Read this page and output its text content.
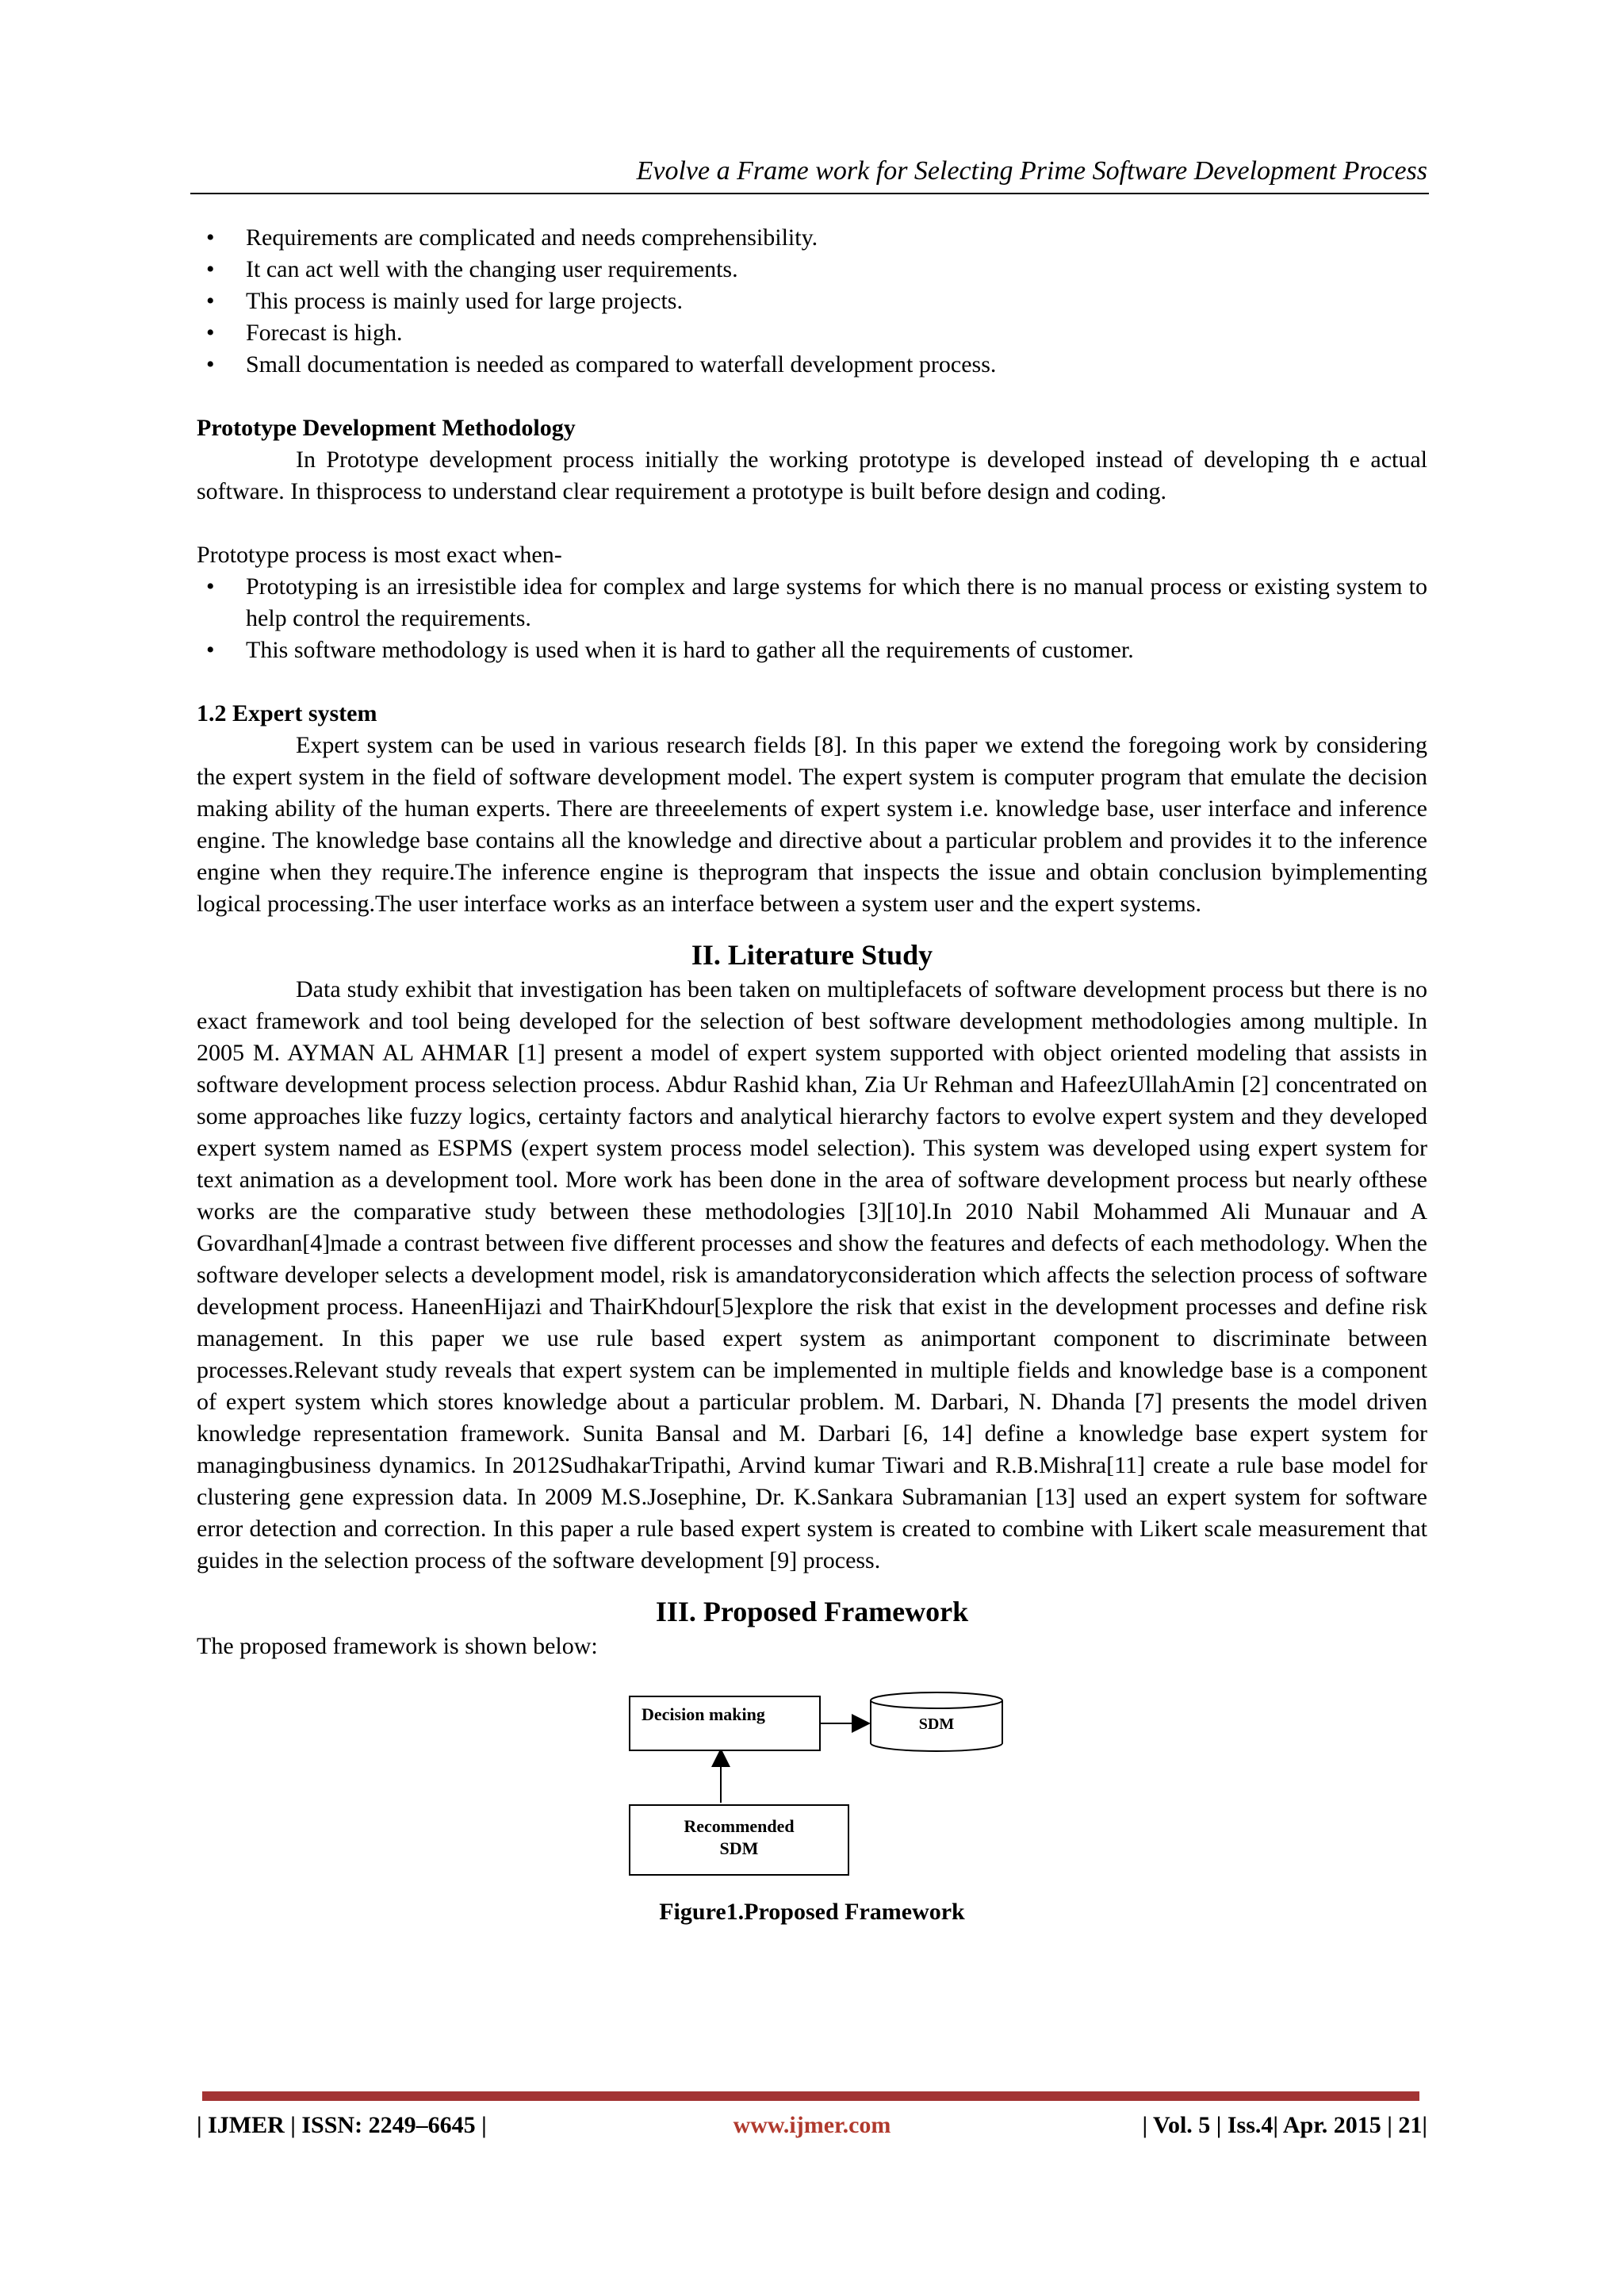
Evolve a Frame work for Selecting Prime Software Development Process
• Requirements are complicated and needs comprehensibility.
• It can act well with the changing user requirements.
• This process is mainly used for large projects.
• Forecast is high.
• Small documentation is needed as compared to waterfall development process.
Prototype Development Methodology
In Prototype development process initially the working prototype is developed instead of developing th e actual software. In thisprocess to understand clear requirement a prototype is built before design and coding.
Prototype process is most exact when-
• Prototyping is an irresistible idea for complex and large systems for which there is no manual process or existing system to help control the requirements.
• This software methodology is used when it is hard to gather all the requirements of customer.
1.2 Expert system
Expert system can be used in various research fields [8]. In this paper we extend the foregoing work by considering the expert system in the field of software development model. The expert system is computer program that emulate the decision making ability of the human experts. There are threeelements of expert system i.e. knowledge base, user interface and inference engine. The knowledge base contains all the knowledge and directive about a particular problem and provides it to the inference engine when they require.The inference engine is theprogram that inspects the issue and obtain conclusion byimplementing logical processing.The user interface works as an interface between a system user and the expert systems.
II. Literature Study
Data study exhibit that investigation has been taken on multiplefacets of software development process but there is no exact framework and tool being developed for the selection of best software development methodologies among multiple. In 2005 M. AYMAN AL AHMAR [1] present a model of expert system supported with object oriented modeling that assists in software development process selection process. Abdur Rashid khan, Zia Ur Rehman and HafeezUllahAmin [2] concentrated on some approaches like fuzzy logics, certainty factors and analytical hierarchy factors to evolve expert system and they developed expert system named as ESPMS (expert system process model selection). This system was developed using expert system for text animation as a development tool. More work has been done in the area of software development process but nearly ofthese works are the comparative study between these methodologies [3][10].In 2010 Nabil Mohammed Ali Munauar and A Govardhan[4]made a contrast between five different processes and show the features and defects of each methodology. When the software developer selects a development model, risk is amandatoryconsideration which affects the selection process of software development process. HaneenHijazi and ThairKhdour[5]explore the risk that exist in the development processes and define risk management. In this paper we use rule based expert system as animportant component to discriminate between processes.Relevant study reveals that expert system can be implemented in multiple fields and knowledge base is a component of expert system which stores knowledge about a particular problem. M. Darbari, N. Dhanda [7] presents the model driven knowledge representation framework. Sunita Bansal and M. Darbari [6, 14] define a knowledge base expert system for managingbusiness dynamics. In 2012SudhakarTripathi, Arvind kumar Tiwari and R.B.Mishra[11] create a rule base model for clustering gene expression data. In 2009 M.S.Josephine, Dr. K.Sankara Subramanian [13] used an expert system for software error detection and correction. In this paper a rule based expert system is created to combine with Likert scale measurement that guides in the selection process of the software development [9] process.
III. Proposed Framework
The proposed framework is shown below:
Decision making	SDM
Recommended
SDM
Figure1.Proposed Framework
| IJMER | ISSN: 2249–6645 |	www.ijmer.com	| Vol. 5 | Iss.4| Apr. 2015 | 21|
